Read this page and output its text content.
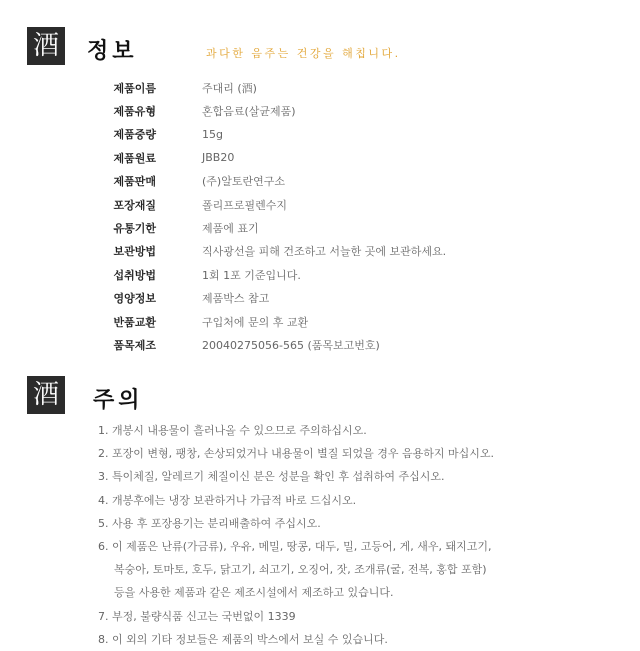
酒 정보	과다한 음주는 건강을 해칩니다.
제품이름	주대리 (酒)
제품유형	혼합음료(살균제품)
제품중량	15g
제품원료	JBB20
제품판매	(주)알토란연구소
포장재질	폴리프로필렌수지
유통기한	제품에 표기
보관방법	직사광선을 피해 건조하고 서늘한 곳에 보관하세요.
섭취방법	1회 1포 기준입니다.
영양정보	제품박스 참고
반품교환	구입처에 문의 후 교환
품목제조	20040275056-565 (품목보고번호)
酒 주의
1. 개봉시 내용물이 흘러나올 수 있으므로 주의하십시오.
2. 포장이 변형, 팽창, 손상되었거나 내용물이 별질 되었을 경우 음용하지 마십시오.
3. 특이체질, 알레르기 체질이신 분은 성분을 확인 후 섭취하여 주십시오.
4. 개봉후에는 냉장 보관하거나 가급적 바로 드십시오.
5. 사용 후 포장용기는 분리배출하여 주십시오.
6. 이 제품은 난류(가금류), 우유, 메밀, 땅콩, 대두, 밀, 고등어, 게, 새우, 돼지고기,
복숭아, 토마토, 호두, 닭고기, 쇠고기, 오징어, 잣, 조개류(굴, 전복, 홍합 포함)
등을 사용한 제품과 같은 제조시설에서 제조하고 있습니다.
7. 부정, 불량식품 신고는 국번없이 1339
8. 이 외의 기타 정보들은 제품의 박스에서 보실 수 있습니다.
